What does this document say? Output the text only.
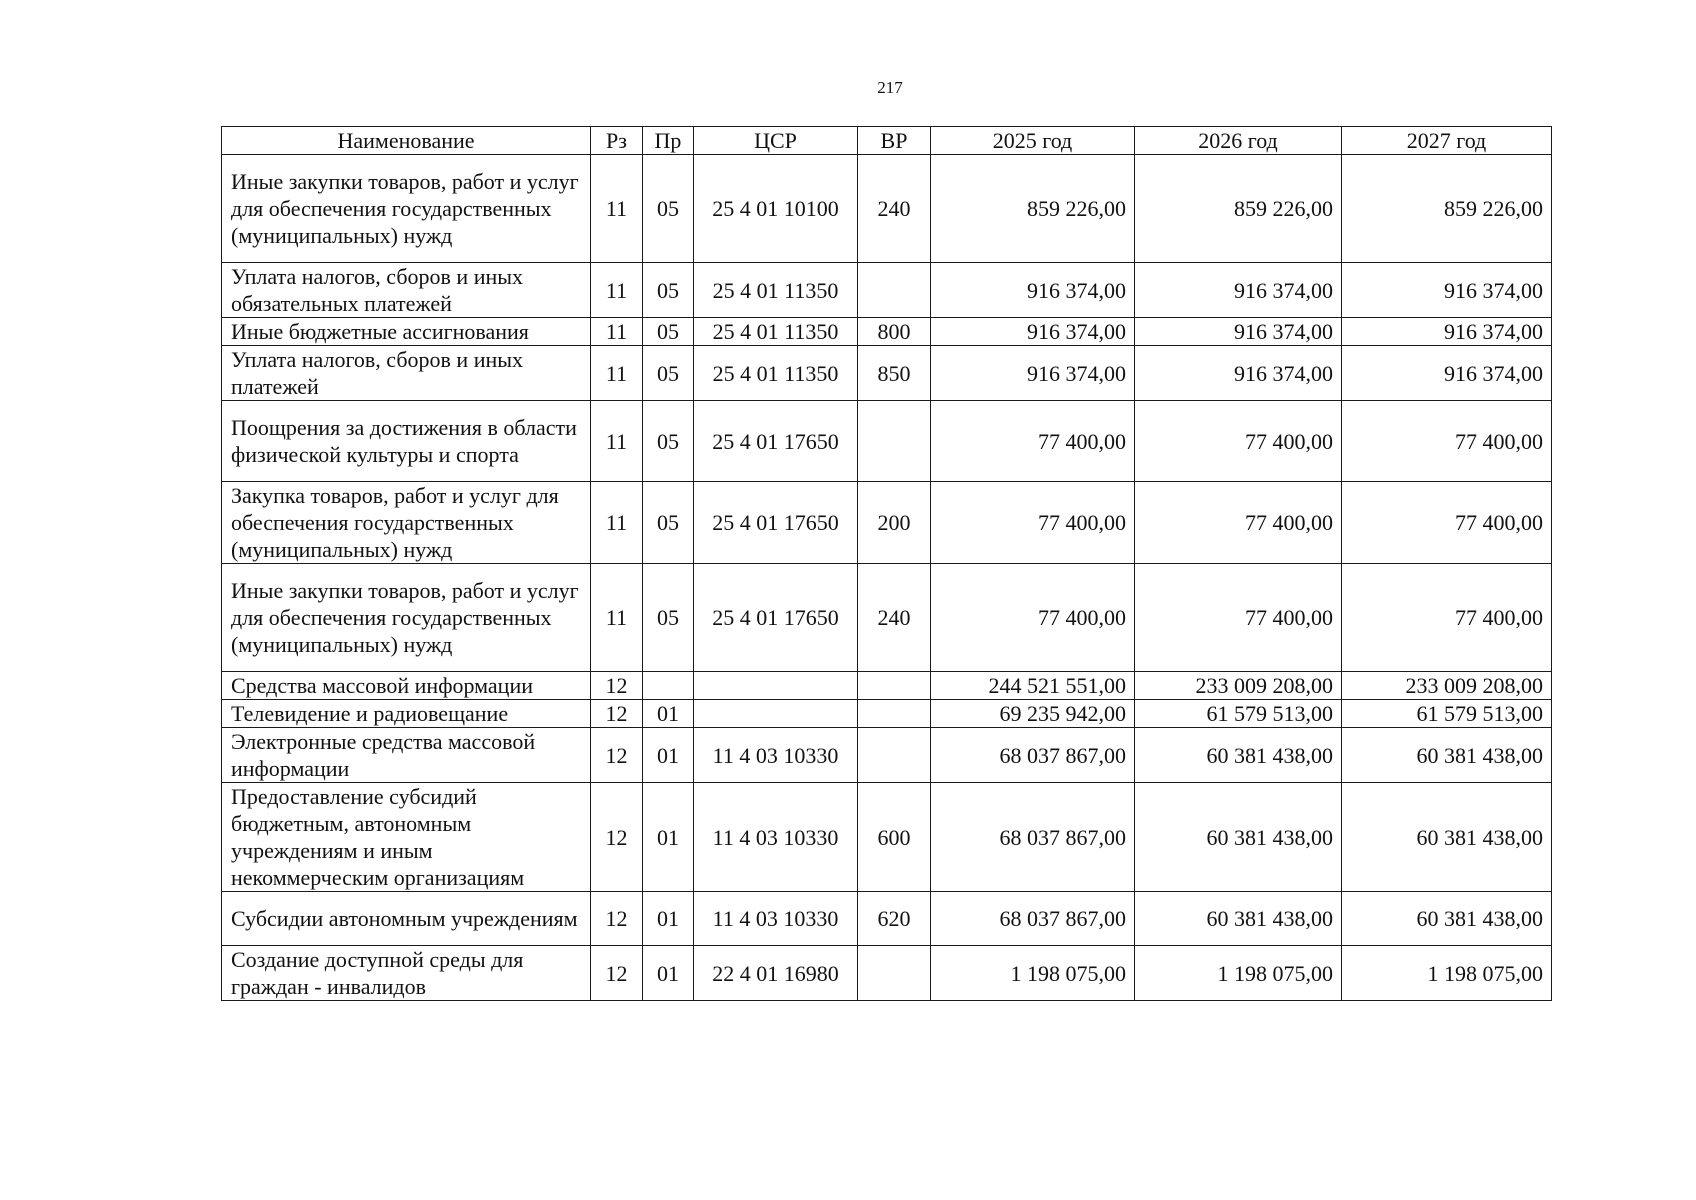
217
Наименование	Рз	Пр	ЦСР	ВР	2025 год	2026 год	2027 год
Иные закупки товаров, работ и услуг для обеспечения государственных (муниципальных) нужд	11	05	25 4 01 10100	240	859 226,00	859 226,00	859 226,00
Уплата налогов, сборов и иных обязательных платежей	11	05	25 4 01 11350		916 374,00	916 374,00	916 374,00
Иные бюджетные ассигнования	11	05	25 4 01 11350	800	916 374,00	916 374,00	916 374,00
Уплата налогов, сборов и иных платежей	11	05	25 4 01 11350	850	916 374,00	916 374,00	916 374,00
Поощрения за достижения в области физической культуры и спорта	11	05	25 4 01 17650		77 400,00	77 400,00	77 400,00
Закупка товаров, работ и услуг для обеспечения государственных (муниципальных) нужд	11	05	25 4 01 17650	200	77 400,00	77 400,00	77 400,00
Иные закупки товаров, работ и услуг для обеспечения государственных (муниципальных) нужд	11	05	25 4 01 17650	240	77 400,00	77 400,00	77 400,00
Средства массовой информации	12				244 521 551,00	233 009 208,00	233 009 208,00
Телевидение и радиовещание	12	01			69 235 942,00	61 579 513,00	61 579 513,00
Электронные средства массовой информации	12	01	11 4 03 10330		68 037 867,00	60 381 438,00	60 381 438,00
Предоставление субсидий бюджетным, автономным учреждениям и иным некоммерческим организациям	12	01	11 4 03 10330	600	68 037 867,00	60 381 438,00	60 381 438,00
Субсидии автономным учреждениям	12	01	11 4 03 10330	620	68 037 867,00	60 381 438,00	60 381 438,00
Создание доступной среды для граждан - инвалидов	12	01	22 4 01 16980		1 198 075,00	1 198 075,00	1 198 075,00
